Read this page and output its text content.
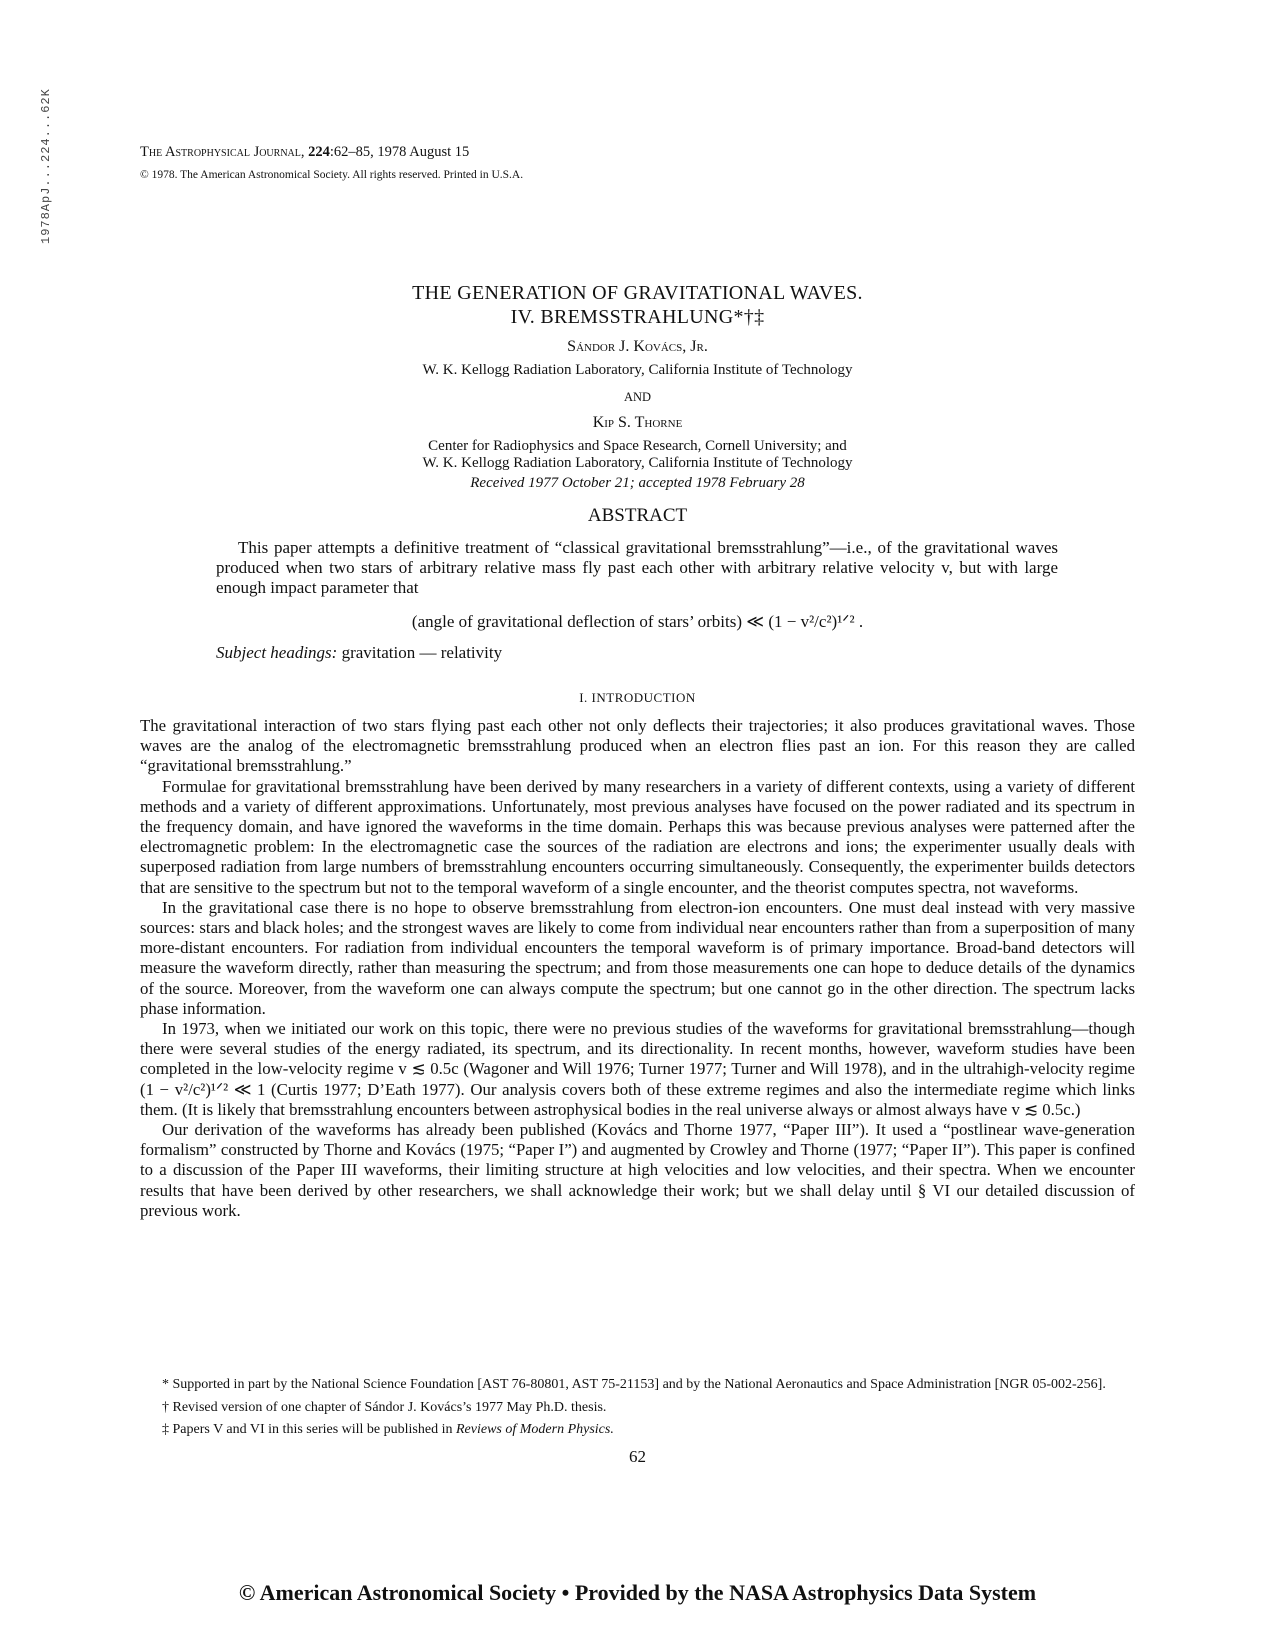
1978ApJ...224...62K	The Astrophysical Journal, 224:62–85, 1978 August 15
© 1978. The American Astronomical Society. All rights reserved. Printed in U.S.A.
THE GENERATION OF GRAVITATIONAL WAVES.
IV. BREMSSTRAHLUNG*†‡
Sándor J. Kovács, Jr.
W. K. Kellogg Radiation Laboratory, California Institute of Technology
AND
Kip S. Thorne
Center for Radiophysics and Space Research, Cornell University; and
W. K. Kellogg Radiation Laboratory, California Institute of Technology
Received 1977 October 21; accepted 1978 February 28
ABSTRACT
This paper attempts a definitive treatment of “classical gravitational bremsstrahlung”—i.e., of the gravitational waves produced when two stars of arbitrary relative mass fly past each other with arbitrary relative velocity v, but with large enough impact parameter that
(angle of gravitational deflection of stars’ orbits) ≪ (1 − v²/c²)¹ᐟ² .
Subject headings: gravitation — relativity
I. INTRODUCTION

The gravitational interaction of two stars flying past each other not only deflects their trajectories; it also produces gravitational waves. Those waves are the analog of the electromagnetic bremsstrahlung produced when an electron flies past an ion. For this reason they are called “gravitational bremsstrahlung.”

Formulae for gravitational bremsstrahlung have been derived by many researchers in a variety of different contexts, using a variety of different methods and a variety of different approximations. Unfortunately, most previous analyses have focused on the power radiated and its spectrum in the frequency domain, and have ignored the waveforms in the time domain. Perhaps this was because previous analyses were patterned after the electromagnetic problem: In the electromagnetic case the sources of the radiation are electrons and ions; the experimenter usually deals with superposed radiation from large numbers of bremsstrahlung encounters occurring simultaneously. Consequently, the experimenter builds detectors that are sensitive to the spectrum but not to the temporal waveform of a single encounter, and the theorist computes spectra, not waveforms.

In the gravitational case there is no hope to observe bremsstrahlung from electron-ion encounters. One must deal instead with very massive sources: stars and black holes; and the strongest waves are likely to come from individual near encounters rather than from a superposition of many more-distant encounters. For radiation from individual encounters the temporal waveform is of primary importance. Broad-band detectors will measure the waveform directly, rather than measuring the spectrum; and from those measurements one can hope to deduce details of the dynamics of the source. Moreover, from the waveform one can always compute the spectrum; but one cannot go in the other direction. The spectrum lacks phase information.

In 1973, when we initiated our work on this topic, there were no previous studies of the waveforms for gravitational bremsstrahlung—though there were several studies of the energy radiated, its spectrum, and its directionality. In recent months, however, waveform studies have been completed in the low-velocity regime v ≲ 0.5c (Wagoner and Will 1976; Turner 1977; Turner and Will 1978), and in the ultrahigh-velocity regime (1 − v²/c²)¹ᐟ² ≪ 1 (Curtis 1977; D’Eath 1977). Our analysis covers both of these extreme regimes and also the intermediate regime which links them. (It is likely that bremsstrahlung encounters between astrophysical bodies in the real universe always or almost always have v ≲ 0.5c.)

Our derivation of the waveforms has already been published (Kovács and Thorne 1977, “Paper III”). It used a “postlinear wave-generation formalism” constructed by Thorne and Kovács (1975; “Paper I”) and augmented by Crowley and Thorne (1977; “Paper II”). This paper is confined to a discussion of the Paper III waveforms, their limiting structure at high velocities and low velocities, and their spectra. When we encounter results that have been derived by other researchers, we shall acknowledge their work; but we shall delay until § VI our detailed discussion of previous work.

* Supported in part by the National Science Foundation [AST 76-80801, AST 75-21153] and by the National Aeronautics and Space Administration [NGR 05-002-256].

† Revised version of one chapter of Sándor J. Kovács’s 1977 May Ph.D. thesis.

‡ Papers V and VI in this series will be published in Reviews of Modern Physics.

62
© American Astronomical Society • Provided by the NASA Astrophysics Data System
